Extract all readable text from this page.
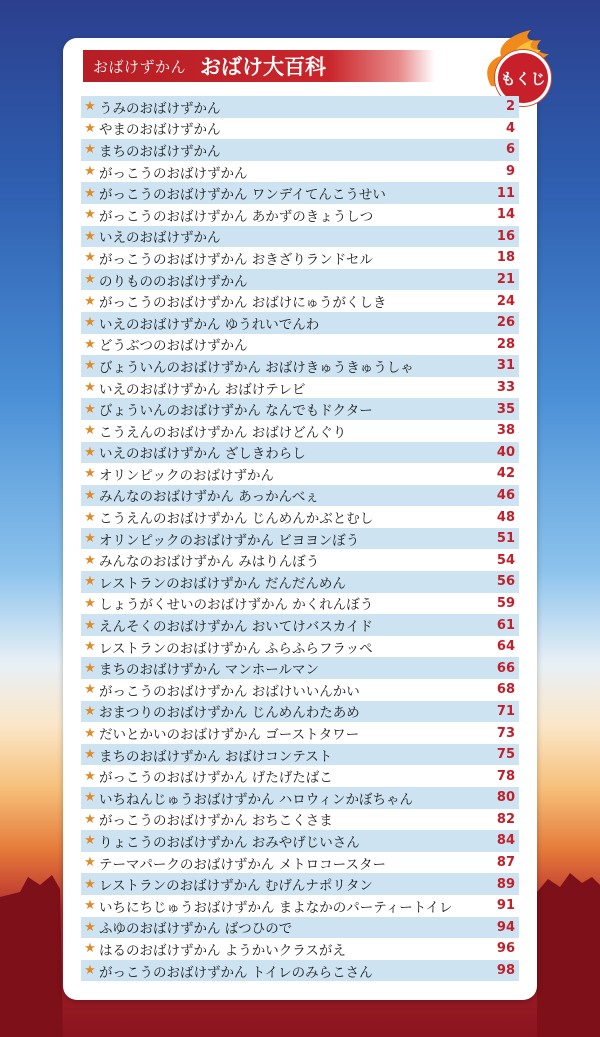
おばけずかん
だいひゃっか
おばけ大百科	もくじ
★ うみのおばけずかん	2
★ やまのおばけずかん	4
★ まちのおばけずかん	6
★ がっこうのおばけずかん	9
★ がっこうのおばけずかん ワンデイてんこうせい	11
★ がっこうのおばけずかん あかずのきょうしつ	14
★ いえのおばけずかん	16
★ がっこうのおばけずかん おきざりランドセル	18
★ のりもののおばけずかん	21
★ がっこうのおばけずかん おばけにゅうがくしき	24
★ いえのおばけずかん ゆうれいでんわ	26
★ どうぶつのおばけずかん	28
★ びょういんのおばけずかん おばけきゅうきゅうしゃ	31
★ いえのおばけずかん おばけテレビ	33
★ びょういんのおばけずかん なんでもドクター	35
★ こうえんのおばけずかん おばけどんぐり	38
★ いえのおばけずかん ざしきわらし	40
★ オリンピックのおばけずかん	42
★ みんなのおばけずかん あっかんべぇ	46
★ こうえんのおばけずかん じんめんかぶとむし	48
★ オリンピックのおばけずかん ビヨヨンぼう	51
★ みんなのおばけずかん みはりんぼう	54
★ レストランのおばけずかん だんだんめん	56
★ しょうがくせいのおばけずかん かくれんぼう	59
★ えんそくのおばけずかん おいてけバスカイド	61
★ レストランのおばけずかん ふらふらフラッペ	64
★ まちのおばけずかん マンホールマン	66
★ がっこうのおばけずかん おばけいいんかい	68
★ おまつりのおばけずかん じんめんわたあめ	71
★ だいとかいのおばけずかん ゴーストタワー	73
★ まちのおばけずかん おばけコンテスト	75
★ がっこうのおばけずかん げたげたばこ	78
★ いちねんじゅうおばけずかん ハロウィンかぼちゃん	80
★ がっこうのおばけずかん おちこくさま	82
★ りょこうのおばけずかん おみやげじいさん	84
★ テーマパークのおばけずかん メトロコースター	87
★ レストランのおばけずかん むげんナポリタン	89
★ いちにちじゅうおばけずかん まよなかのパーティートイレ	91
★ ふゆのおばけずかん ばつひので	94
★ はるのおばけずかん ようかいクラスがえ	96
★ がっこうのおばけずかん トイレのみらこさん	98
